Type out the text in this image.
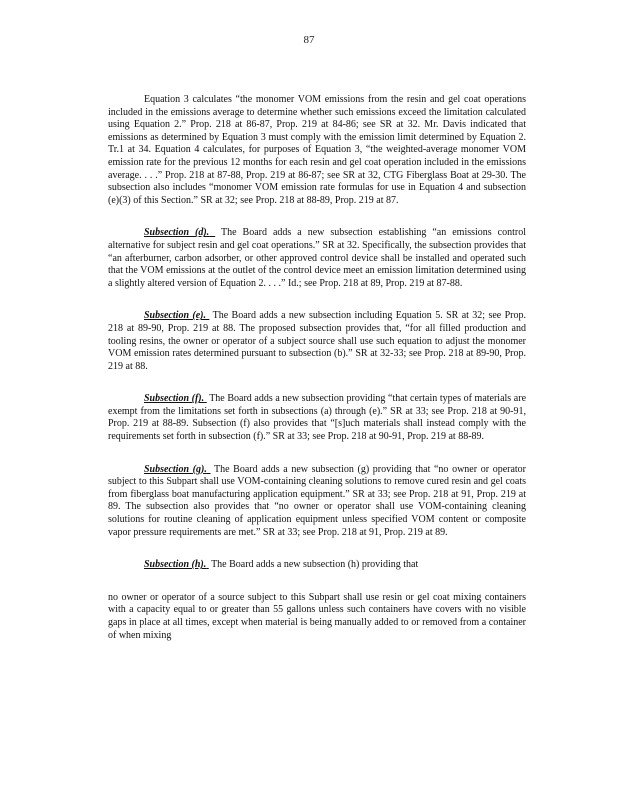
87

Equation 3 calculates “the monomer VOM emissions from the resin and gel coat operations included in the emissions average to determine whether such emissions exceed the limitation calculated using Equation 2.” Prop. 218 at 86-87, Prop. 219 at 84-86; see SR at 32. Mr. Davis indicated that emissions as determined by Equation 3 must comply with the emission limit determined by Equation 2. Tr.1 at 34. Equation 4 calculates, for purposes of Equation 3, “the weighted-average monomer VOM emission rate for the previous 12 months for each resin and gel coat operation included in the emissions average. . . .” Prop. 218 at 87-88, Prop. 219 at 86-87; see SR at 32, CTG Fiberglass Boat at 29-30. The subsection also includes “monomer VOM emission rate formulas for use in Equation 4 and subsection (e)(3) of this Section.” SR at 32; see Prop. 218 at 88-89, Prop. 219 at 87.

Subsection (d). The Board adds a new subsection establishing “an emissions control alternative for subject resin and gel coat operations.” SR at 32. Specifically, the subsection provides that “an afterburner, carbon adsorber, or other approved control device shall be installed and operated such that the VOM emissions at the outlet of the control device meet an emission limitation determined using a slightly altered version of Equation 2. . . .” Id.; see Prop. 218 at 89, Prop. 219 at 87-88.

Subsection (e). The Board adds a new subsection including Equation 5. SR at 32; see Prop. 218 at 89-90, Prop. 219 at 88. The proposed subsection provides that, “for all filled production and tooling resins, the owner or operator of a subject source shall use such equation to adjust the monomer VOM emission rates determined pursuant to subsection (b).” SR at 32-33; see Prop. 218 at 89-90, Prop. 219 at 88.

Subsection (f). The Board adds a new subsection providing “that certain types of materials are exempt from the limitations set forth in subsections (a) through (e).” SR at 33; see Prop. 218 at 90-91, Prop. 219 at 88-89. Subsection (f) also provides that “[s]uch materials shall instead comply with the requirements set forth in subsection (f).” SR at 33; see Prop. 218 at 90-91, Prop. 219 at 88-89.

Subsection (g). The Board adds a new subsection (g) providing that “no owner or operator subject to this Subpart shall use VOM-containing cleaning solutions to remove cured resin and gel coats from fiberglass boat manufacturing application equipment.” SR at 33; see Prop. 218 at 91, Prop. 219 at 89. The subsection also provides that “no owner or operator shall use VOM-containing cleaning solutions for routine cleaning of application equipment unless specified VOM content or composite vapor pressure requirements are met.” SR at 33; see Prop. 218 at 91, Prop. 219 at 89.

Subsection (h). The Board adds a new subsection (h) providing that

no owner or operator of a source subject to this Subpart shall use resin or gel coat mixing containers with a capacity equal to or greater than 55 gallons unless such containers have covers with no visible gaps in place at all times, except when material is being manually added to or removed from a container of when mixing
